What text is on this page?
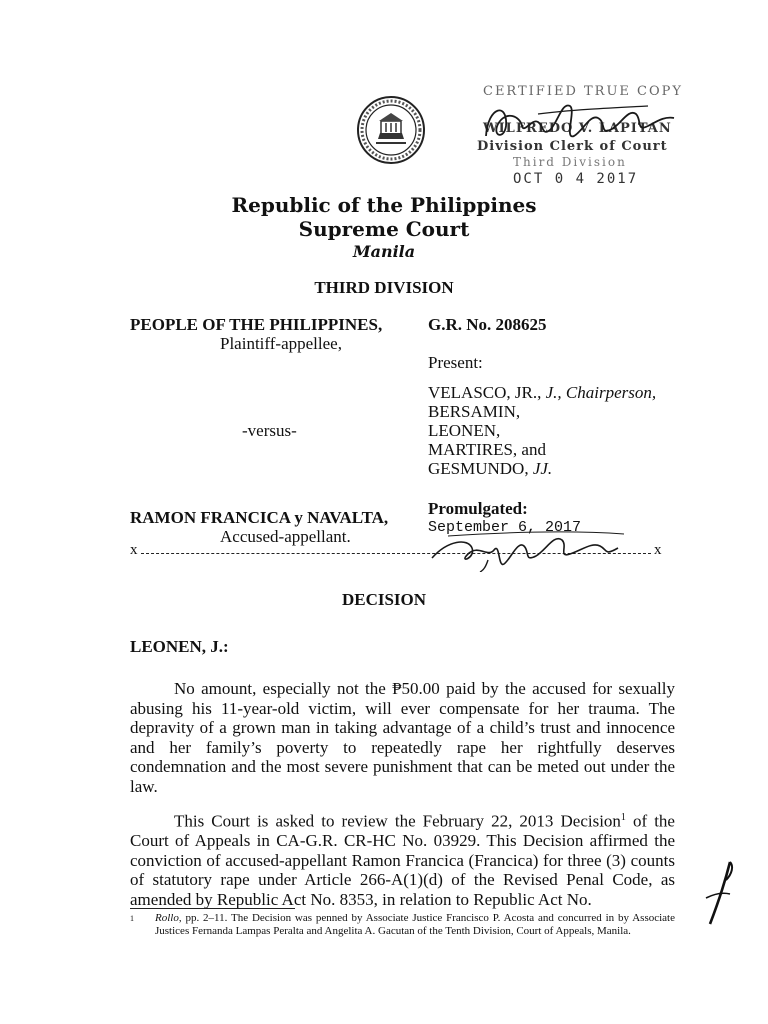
CERTIFIED TRUE COPY
WILFREDO V. LAPITAN
Division Clerk of Court
Third Division
OCT 0 4 2017
Republic of the Philippines
Supreme Court
Manila
THIRD DIVISION
PEOPLE OF THE PHILIPPINES,
Plaintiff-appellee,
-versus-
RAMON FRANCICA y NAVALTA,
Accused-appellant.
G.R. No. 208625
Present:
VELASCO, JR., J., Chairperson,
BERSAMIN,
LEONEN,
MARTIRES, and
GESMUNDO, JJ.
Promulgated:
September 6, 2017
x	x
DECISION
LEONEN, J.:
No amount, especially not the ₱50.00 paid by the accused for sexually abusing his 11-year-old victim, will ever compensate for her trauma. The depravity of a grown man in taking advantage of a child’s trust and innocence and her family’s poverty to repeatedly rape her rightfully deserves condemnation and the most severe punishment that can be meted out under the law.
This Court is asked to review the February 22, 2013 Decision$^1$ of the Court of Appeals in CA-G.R. CR-HC No. 03929. This Decision affirmed the conviction of accused-appellant Ramon Francica (Francica) for three (3) counts of statutory rape under Article 266-A(1)(d) of the Revised Penal Code, as amended by Republic Act No. 8353, in relation to Republic Act No.
1	Rollo, pp. 2–11. The Decision was penned by Associate Justice Francisco P. Acosta and concurred in by Associate Justices Fernanda Lampas Peralta and Angelita A. Gacutan of the Tenth Division, Court of Appeals, Manila.
